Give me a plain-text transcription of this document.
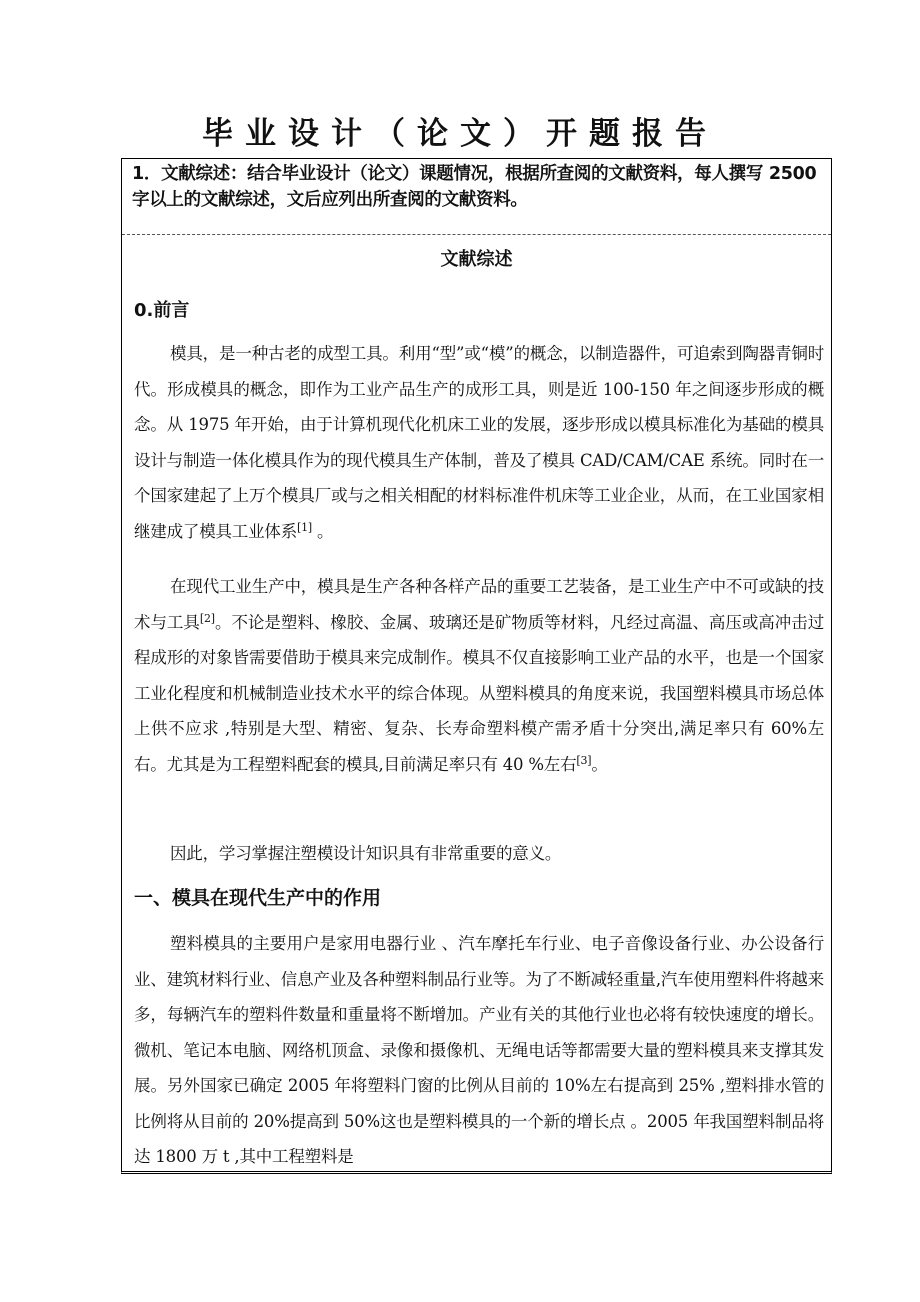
毕业设计（论文）开题报告
1．文献综述：结合毕业设计（论文）课题情况，根据所查阅的文献资料，每人撰写 2500 字以上的文献综述，文后应列出所查阅的文献资料。
文献综述
0.前言
模具，是一种古老的成型工具。利用“型”或“模”的概念，以制造器件，可追索到陶器青铜时代。形成模具的概念，即作为工业产品生产的成形工具，则是近 100-150 年之间逐步形成的概念。从 1975 年开始，由于计算机现代化机床工业的发展，逐步形成以模具标准化为基础的模具设计与制造一体化模具作为的现代模具生产体制，普及了模具 CAD/CAM/CAE 系统。同时在一个国家建起了上万个模具厂或与之相关相配的材料标准件机床等工业企业，从而，在工业国家相继建成了模具工业体系[1] 。
在现代工业生产中，模具是生产各种各样产品的重要工艺装备，是工业生产中不可或缺的技术与工具[2]。不论是塑料、橡胶、金属、玻璃还是矿物质等材料，凡经过高温、高压或高冲击过程成形的对象皆需要借助于模具来完成制作。模具不仅直接影响工业产品的水平，也是一个国家工业化程度和机械制造业技术水平的综合体现。从塑料模具的角度来说，我国塑料模具市场总体上供不应求 ,特别是大型、精密、复杂、长寿命塑料模产需矛盾十分突出,满足率只有 60%左右。尤其是为工程塑料配套的模具,目前满足率只有 40 %左右[3]。
因此，学习掌握注塑模设计知识具有非常重要的意义。
一、模具在现代生产中的作用
塑料模具的主要用户是家用电器行业 、汽车摩托车行业、电子音像设备行业、办公设备行业、建筑材料行业、信息产业及各种塑料制品行业等。为了不断减轻重量,汽车使用塑料件将越来多，每辆汽车的塑料件数量和重量将不断增加。产业有关的其他行业也必将有较快速度的增长。微机、笔记本电脑、网络机顶盒、录像和摄像机、无绳电话等都需要大量的塑料模具来支撑其发展。另外国家已确定 2005 年将塑料门窗的比例从目前的 10%左右提高到 25% ,塑料排水管的比例将从目前的 20%提高到 50%这也是塑料模具的一个新的增长点 。2005 年我国塑料制品将达 1800 万 t ,其中工程塑料是
